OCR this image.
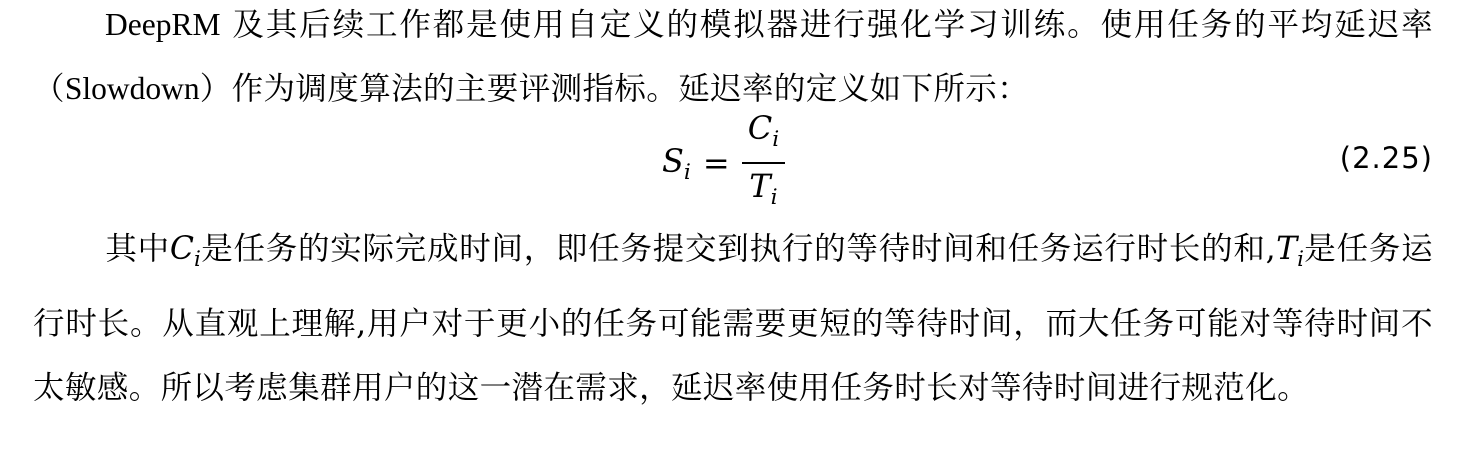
DeepRM 及其后续工作都是使用自定义的模拟器进行强化学习训练。使用任务的平均延迟率（Slowdown）作为调度算法的主要评测指标。延迟率的定义如下所示：

$S_i = \frac{C_i}{T_i}$	(2.25)

其中$C_i$是任务的实际完成时间，即任务提交到执行的等待时间和任务运行时长的和$,T_i$是任务运行时长。从直观上理解,用户对于更小的任务可能需要更短的等待时间，而大任务可能对等待时间不太敏感。所以考虑集群用户的这一潜在需求，延迟率使用任务时长对等待时间进行规范化。
